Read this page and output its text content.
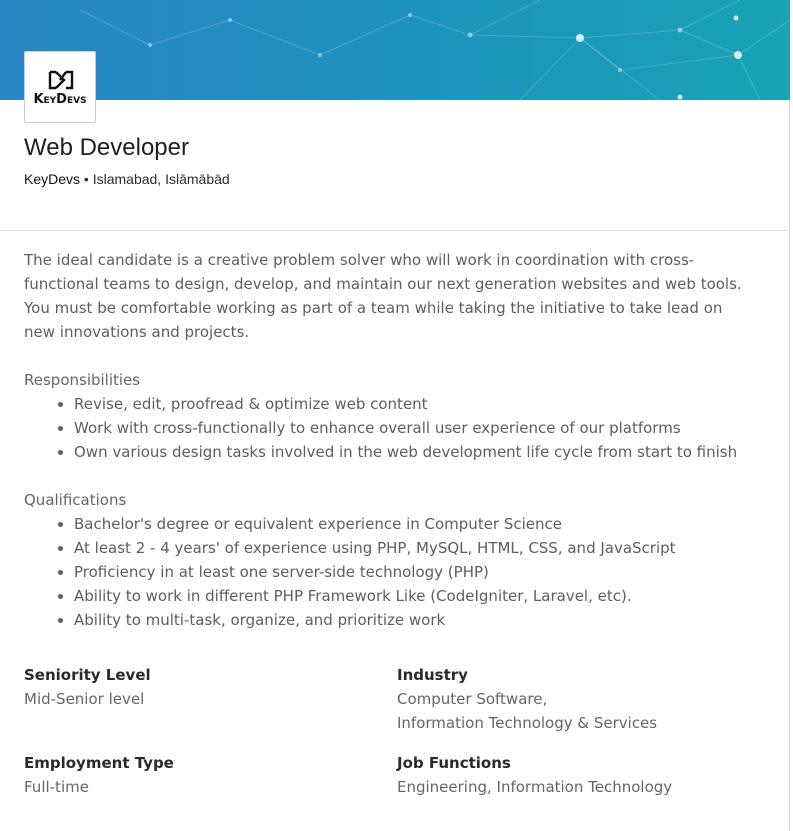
KeyDevs
Web Developer
KeyDevs • Islamabad, Islāmābād

The ideal candidate is a creative problem solver who will work in coordination with cross-functional teams to design, develop, and maintain our next generation websites and web tools. You must be comfortable working as part of a team while taking the initiative to take lead on new innovations and projects.

Responsibilities
• Revise, edit, proofread & optimize web content
• Work with cross-functionally to enhance overall user experience of our platforms
• Own various design tasks involved in the web development life cycle from start to finish
Qualifications
• Bachelor's degree or equivalent experience in Computer Science
• At least 2 - 4 years' of experience using PHP, MySQL, HTML, CSS, and JavaScript
• Proficiency in at least one server-side technology (PHP)
• Ability to work in different PHP Framework Like (CodeIgniter, Laravel, etc).
• Ability to multi-task, organize, and prioritize work
Seniority Level
Mid-Senior level
Industry
Computer Software,
Information Technology & Services
Employment Type
Full-time
Job Functions
Engineering, Information Technology
